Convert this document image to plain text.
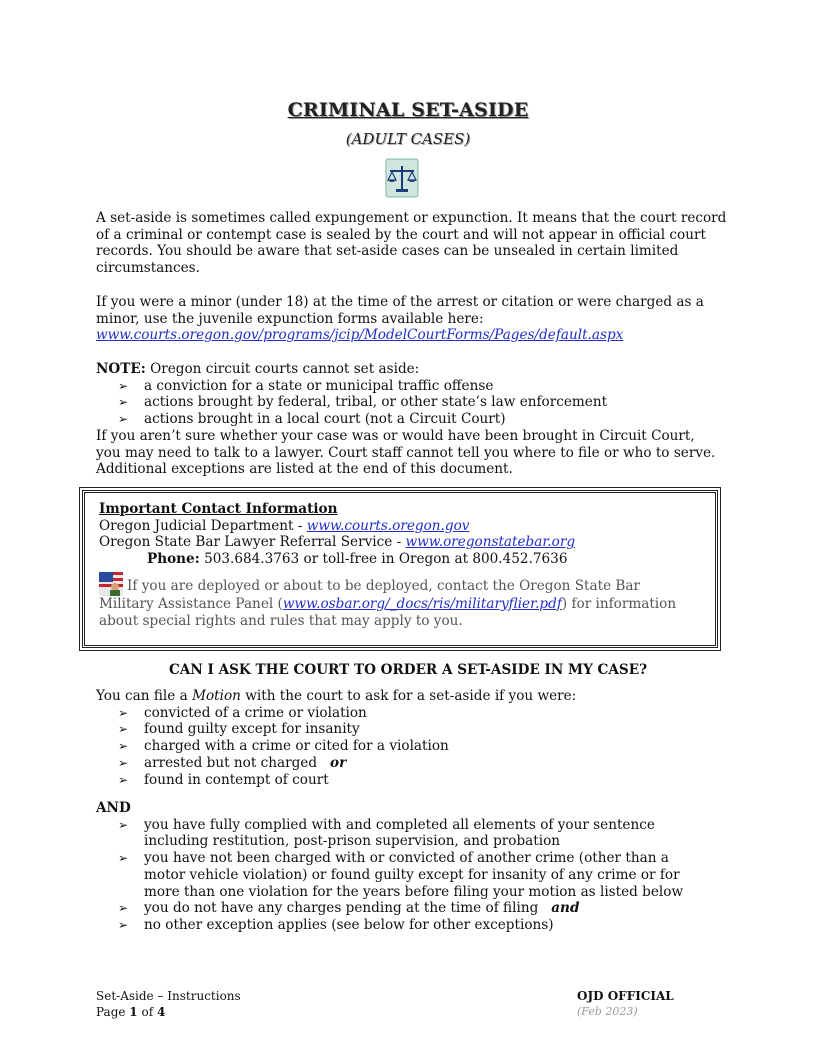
CRIMINAL SET-ASIDE
(ADULT CASES)

A set-aside is sometimes called expungement or expunction. It means that the court record of a criminal or contempt case is sealed by the court and will not appear in official court records. You should be aware that set-aside cases can be unsealed in certain limited circumstances.

If you were a minor (under 18) at the time of the arrest or citation or were charged as a minor, use the juvenile expunction forms available here:
www.courts.oregon.gov/programs/jcip/ModelCourtForms/Pages/default.aspx

NOTE: Oregon circuit courts cannot set aside:

➢ a conviction for a state or municipal traffic offense
➢ actions brought by federal, tribal, or other state’s law enforcement
➢ actions brought in a local court (not a Circuit Court)

If you aren’t sure whether your case was or would have been brought in Circuit Court, you may need to talk to a lawyer. Court staff cannot tell you where to file or who to serve. Additional exceptions are listed at the end of this document.

Important Contact Information
Oregon Judicial Department - www.courts.oregon.gov
Oregon State Bar Lawyer Referral Service - www.oregonstatebar.org
Phone: 503.684.3763 or toll-free in Oregon at 800.452.7636
If you are deployed or about to be deployed, contact the Oregon State Bar Military Assistance Panel (www.osbar.org/_docs/ris/militaryflier.pdf) for information about special rights and rules that may apply to you.
CAN I ASK THE COURT TO ORDER A SET-ASIDE IN MY CASE?

You can file a Motion with the court to ask for a set-aside if you were:

➢ convicted of a crime or violation
➢ found guilty except for insanity
➢ charged with a crime or cited for a violation
➢ arrested but not charged or
➢ found in contempt of court

AND

➢ you have fully complied with and completed all elements of your sentence including restitution, post-prison supervision, and probation
➢ you have not been charged with or convicted of another crime (other than a motor vehicle violation) or found guilty except for insanity of any crime or for more than one violation for the years before filing your motion as listed below
➢ you do not have any charges pending at the time of filing and
➢ no other exception applies (see below for other exceptions)
Set-Aside – Instructions
Page 1 of 4
OJD OFFICIAL
(Feb 2023)
